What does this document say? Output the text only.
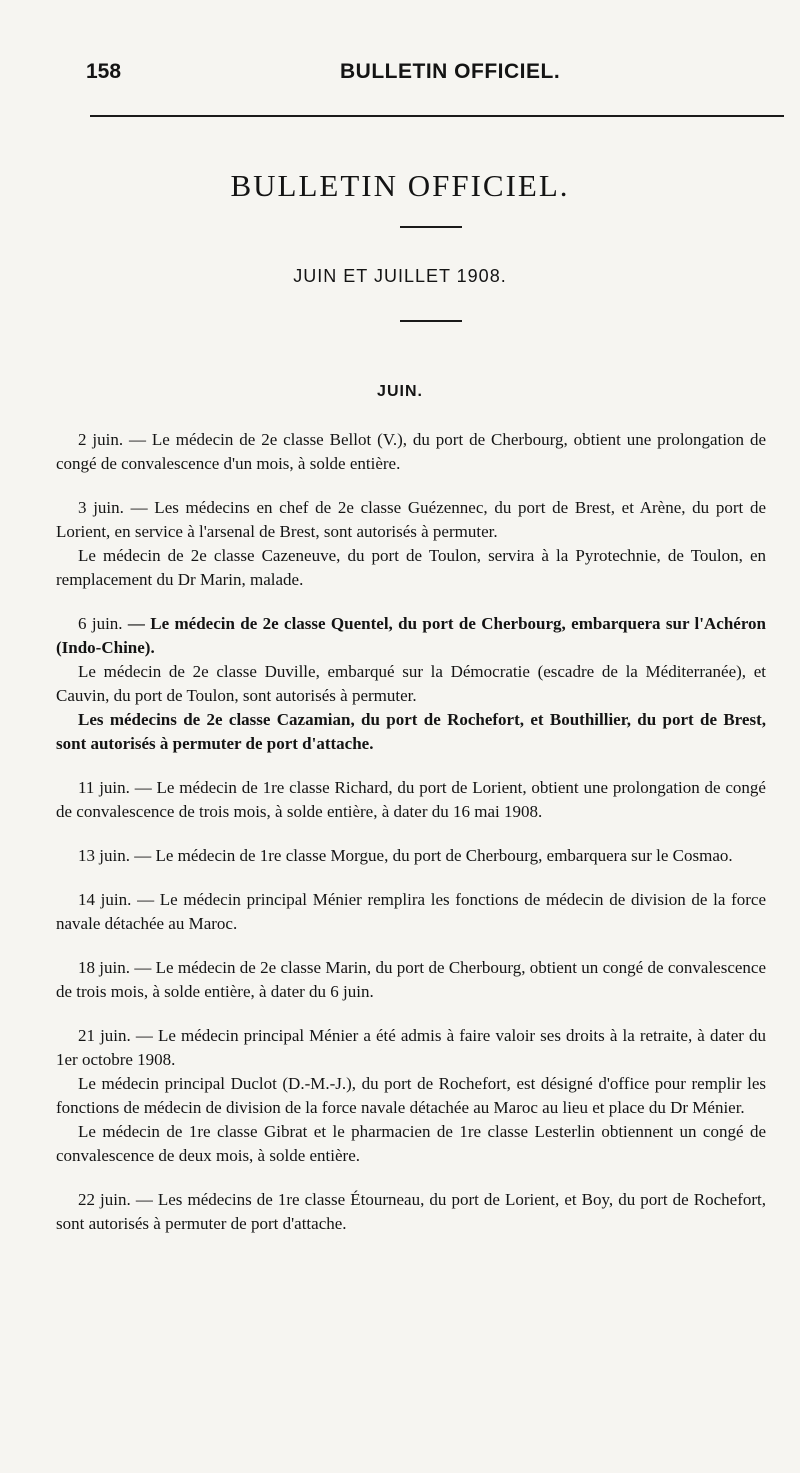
158	BULLETIN OFFICIEL.
BULLETIN OFFICIEL.
JUIN ET JUILLET 1908.
JUIN.

2 juin. — Le médecin de 2e classe Bellot (V.), du port de Cherbourg, obtient une prolongation de congé de convalescence d'un mois, à solde entière.

3 juin. — Les médecins en chef de 2e classe Guézennec, du port de Brest, et Arène, du port de Lorient, en service à l'arsenal de Brest, sont autorisés à permuter.

Le médecin de 2e classe Cazeneuve, du port de Toulon, servira à la Pyrotechnie, de Toulon, en remplacement du Dr Marin, malade.

6 juin. — Le médecin de 2e classe Quentel, du port de Cherbourg, embarquera sur l'Achéron (Indo-Chine).

Le médecin de 2e classe Duville, embarqué sur la Démocratie (escadre de la Méditerranée), et Cauvin, du port de Toulon, sont autorisés à permuter.

Les médecins de 2e classe Cazamian, du port de Rochefort, et Bouthillier, du port de Brest, sont autorisés à permuter de port d'attache.

11 juin. — Le médecin de 1re classe Richard, du port de Lorient, obtient une prolongation de congé de convalescence de trois mois, à solde entière, à dater du 16 mai 1908.

13 juin. — Le médecin de 1re classe Morgue, du port de Cherbourg, embarquera sur le Cosmao.

14 juin. — Le médecin principal Ménier remplira les fonctions de médecin de division de la force navale détachée au Maroc.

18 juin. — Le médecin de 2e classe Marin, du port de Cherbourg, obtient un congé de convalescence de trois mois, à solde entière, à dater du 6 juin.

21 juin. — Le médecin principal Ménier a été admis à faire valoir ses droits à la retraite, à dater du 1er octobre 1908.

Le médecin principal Duclot (D.-M.-J.), du port de Rochefort, est désigné d'office pour remplir les fonctions de médecin de division de la force navale détachée au Maroc au lieu et place du Dr Ménier.

Le médecin de 1re classe Gibrat et le pharmacien de 1re classe Lesterlin obtiennent un congé de convalescence de deux mois, à solde entière.

22 juin. — Les médecins de 1re classe Étourneau, du port de Lorient, et Boy, du port de Rochefort, sont autorisés à permuter de port d'attache.
